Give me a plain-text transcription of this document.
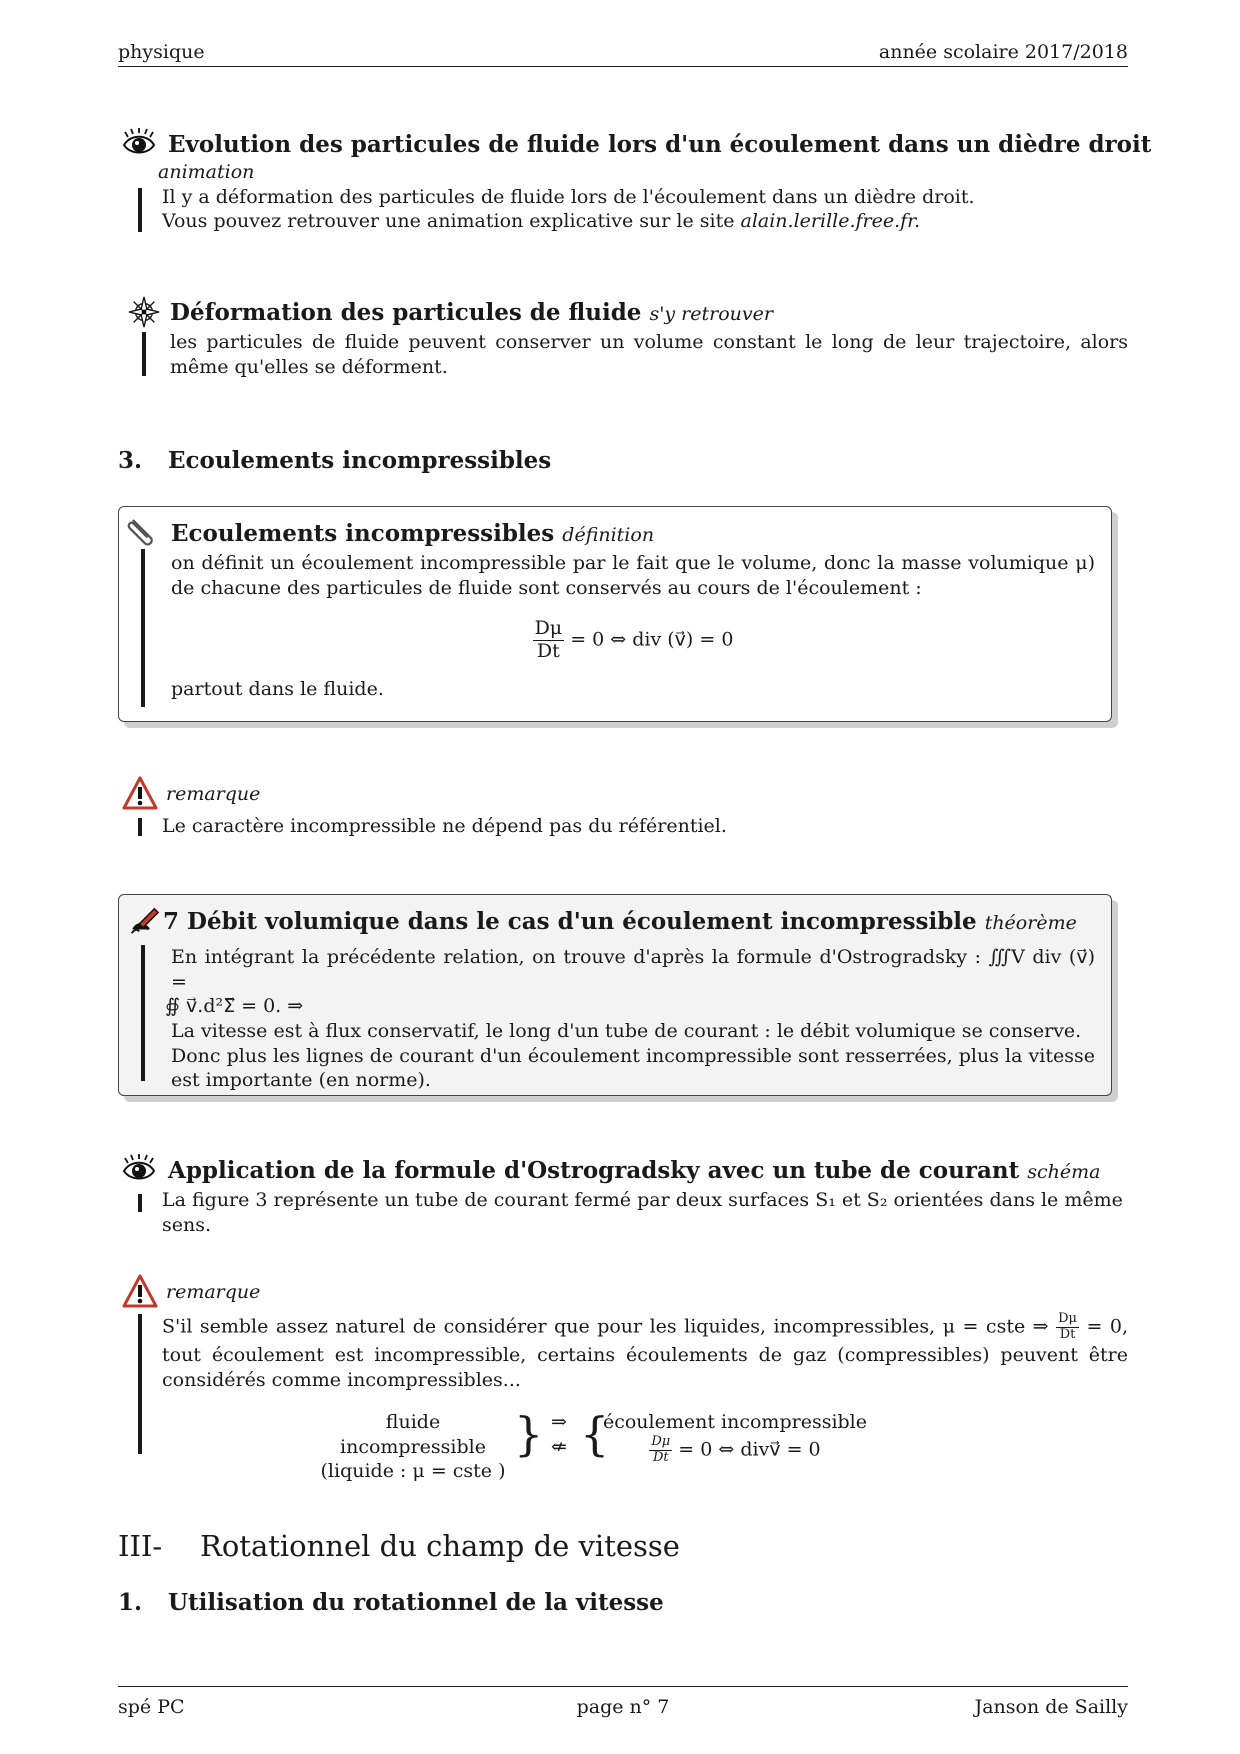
physique	année scolaire 2017/2018
Evolution des particules de fluide lors d'un écoulement dans un dièdre droit
animation

Il y a déformation des particules de fluide lors de l'écoulement dans un dièdre droit.

Vous pouvez retrouver une animation explicative sur le site alain.lerille.free.fr.

Déformation des particules de fluide s'y retrouver

les particules de fluide peuvent conserver un volume constant le long de leur trajectoire, alors même qu'elles se déforment.

3. Ecoulements incompressibles
Ecoulements incompressibles définition

on définit un écoulement incompressible par le fait que le volume, donc la masse volumique μ) de chacune des particules de fluide sont conservés au cours de l'écoulement :

$\frac{D\mu}{Dt} = 0$ ⇔ div (v⃗) = 0

partout dans le fluide.

remarque

Le caractère incompressible ne dépend pas du référentiel.

7 Débit volumique dans le cas d'un écoulement incompressible théorème

En intégrant la précédente relation, on trouve d'après la formule d'Ostrogradsky : ∭V div (v⃗) =

∯ v⃗.d²Σ⃗ = 0. ⇒

La vitesse est à flux conservatif, le long d'un tube de courant : le débit volumique se conserve.

Donc plus les lignes de courant d'un écoulement incompressible sont resserrées, plus la vitesse est importante (en norme).

Application de la formule d'Ostrogradsky avec un tube de courant schéma

La figure 3 représente un tube de courant fermé par deux surfaces S₁ et S₂ orientées dans le même sens.

remarque

S'il semble assez naturel de considérer que pour les liquides, incompressibles, μ = cste ⇒ $\frac{D\mu}{Dt} = 0$, tout écoulement est incompressible, certains écoulements de gaz (compressibles) peuvent être considérés comme incompressibles...

fluide incompressible
(liquide : μ = cste )
} ⇒
⇍ {
écoulement incompressible
$\frac{D\mu}{Dt} = 0$ ⇔ divv⃗ = 0
III- Rotationnel du champ de vitesse
1. Utilisation du rotationnel de la vitesse
spé PC	page n° 7	Janson de Sailly
